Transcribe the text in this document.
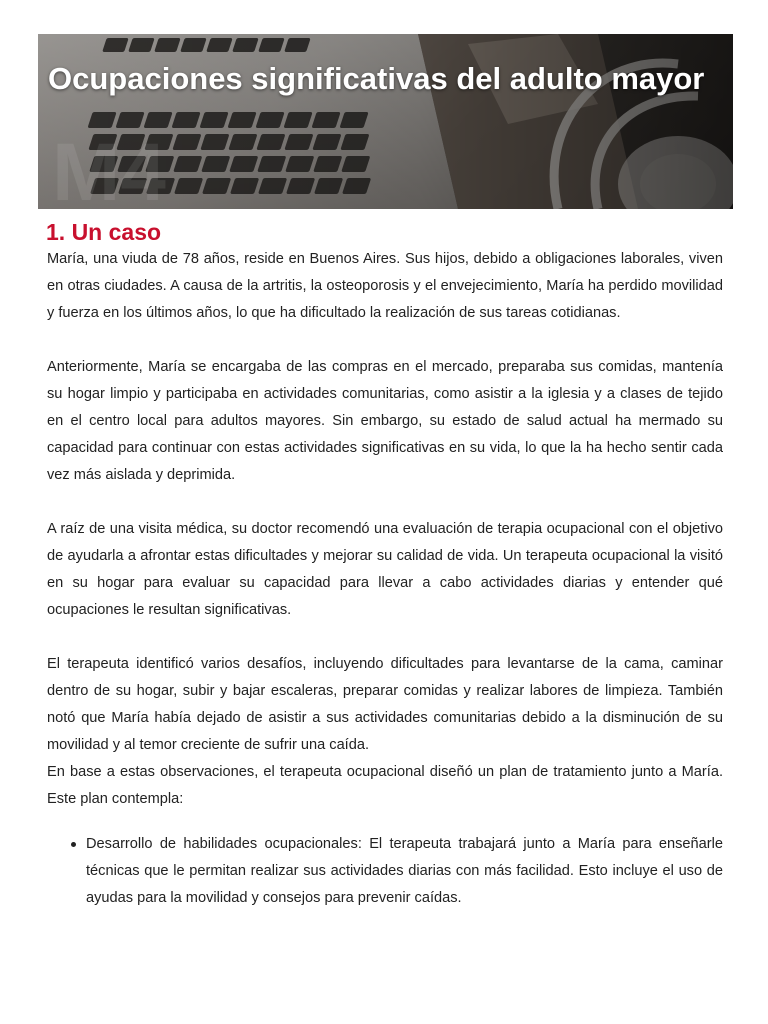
M4
Ocupaciones significativas del adulto mayor
1. Un caso

María, una viuda de 78 años, reside en Buenos Aires. Sus hijos, debido a obligaciones laborales, viven en otras ciudades. A causa de la artritis, la osteoporosis y el envejecimiento, María ha perdido movilidad y fuerza en los últimos años, lo que ha dificultado la realización de sus tareas cotidianas.

Anteriormente, María se encargaba de las compras en el mercado, preparaba sus comidas, mantenía su hogar limpio y participaba en actividades comunitarias, como asistir a la iglesia y a clases de tejido en el centro local para adultos mayores. Sin embargo, su estado de salud actual ha mermado su capacidad para continuar con estas actividades significativas en su vida, lo que la ha hecho sentir cada vez más aislada y deprimida.

A raíz de una visita médica, su doctor recomendó una evaluación de terapia ocupacional con el objetivo de ayudarla a afrontar estas dificultades y mejorar su calidad de vida. Un terapeuta ocupacional la visitó en su hogar para evaluar su capacidad para llevar a cabo actividades diarias y entender qué ocupaciones le resultan significativas.

El terapeuta identificó varios desafíos, incluyendo dificultades para levantarse de la cama, caminar dentro de su hogar, subir y bajar escaleras, preparar comidas y realizar labores de limpieza. También notó que María había dejado de asistir a sus actividades comunitarias debido a la disminución de su movilidad y al temor creciente de sufrir una caída.

En base a estas observaciones, el terapeuta ocupacional diseñó un plan de tratamiento junto a María. Este plan contempla:

Desarrollo de habilidades ocupacionales: El terapeuta trabajará junto a María para enseñarle técnicas que le permitan realizar sus actividades diarias con más facilidad. Esto incluye el uso de ayudas para la movilidad y consejos para prevenir caídas.
